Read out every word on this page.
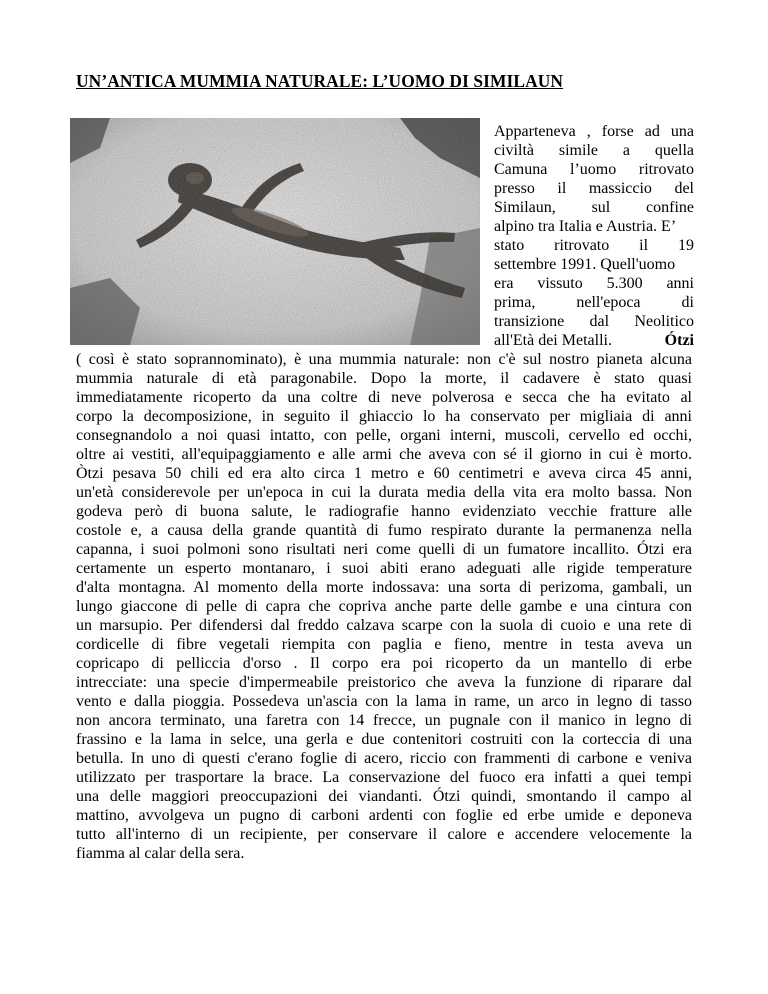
UN’ANTICA MUMMIA NATURALE: L’UOMO DI SIMILAUN
Apparteneva , forse ad una
civiltà simile a quella
Camuna l’uomo ritrovato
presso il massiccio del
Similaun, sul confine
alpino tra Italia e Austria. E’
stato ritrovato il 19
settembre 1991. Quell'uomo
era vissuto 5.300 anni
prima, nell'epoca di
transizione dal Neolitico
all'Età dei Metalli.	Ótzi
( così è stato soprannominato), è una mummia naturale: non c'è sul nostro pianeta alcuna
mummia naturale di età paragonabile. Dopo la morte, il cadavere è stato quasi
immediatamente ricoperto da una coltre di neve polverosa e secca che ha evitato al
corpo la decomposizione, in seguito il ghiaccio lo ha conservato per migliaia di anni
consegnandolo a noi quasi intatto, con pelle, organi interni, muscoli, cervello ed occhi,
oltre ai vestiti, all'equipaggiamento e alle armi che aveva con sé il giorno in cui è morto.
Òtzi pesava 50 chili ed era alto circa 1 metro e 60 centimetri e aveva circa 45 anni,
un'età considerevole per un'epoca in cui la durata media della vita era molto bassa. Non
godeva però di buona salute, le radiografie hanno evidenziato vecchie fratture alle
costole e, a causa della grande quantità di fumo respirato durante la permanenza nella
capanna, i suoi polmoni sono risultati neri come quelli di un fumatore incallito. Ótzi era
certamente un esperto montanaro, i suoi abiti erano adeguati alle rigide temperature
d'alta montagna. Al momento della morte indossava: una sorta di perizoma, gambali, un
lungo giaccone di pelle di capra che copriva anche parte delle gambe e una cintura con
un marsupio. Per difendersi dal freddo calzava scarpe con la suola di cuoio e una rete di
cordicelle di fibre vegetali riempita con paglia e fieno, mentre in testa aveva un
copricapo di pelliccia d'orso . Il corpo era poi ricoperto da un mantello di erbe
intrecciate: una specie d'impermeabile preistorico che aveva la funzione di riparare dal
vento e dalla pioggia. Possedeva un'ascia con la lama in rame, un arco in legno di tasso
non ancora terminato, una faretra con 14 frecce, un pugnale con il manico in legno di
frassino e la lama in selce, una gerla e due contenitori costruiti con la corteccia di una
betulla. In uno di questi c'erano foglie di acero, riccio con frammenti di carbone e veniva
utilizzato per trasportare la brace. La conservazione del fuoco era infatti a quei tempi
una delle maggiori preoccupazioni dei viandanti. Ótzi quindi, smontando il campo al
mattino, avvolgeva un pugno di carboni ardenti con foglie ed erbe umide e deponeva
tutto all'interno di un recipiente, per conservare il calore e accendere velocemente la
fiamma al calar della sera.
